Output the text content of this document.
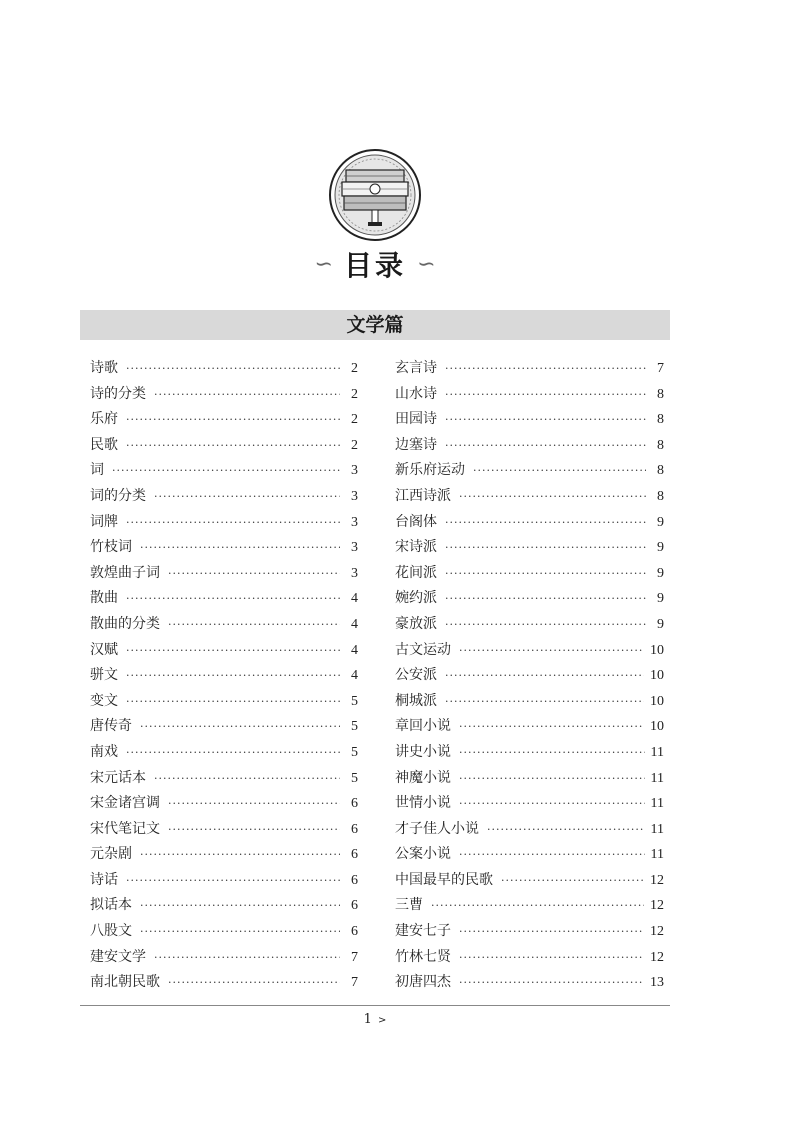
∽ 目录 ∽
文学篇
诗歌 ·····	2
诗的分类 ·····	2
乐府 ·····	2
民歌 ·····	2
词 ·····	3
词的分类 ·····	3
词牌 ·····	3
竹枝词 ·····	3
敦煌曲子词 ·····	3
散曲 ·····	4
散曲的分类 ·····	4
汉赋 ·····	4
骈文 ·····	4
变文 ·····	5
唐传奇 ·····	5
南戏 ·····	5
宋元话本 ·····	5
宋金诸宫调 ·····	6
宋代笔记文 ·····	6
元杂剧 ·····	6
诗话 ·····	6
拟话本 ·····	6
八股文 ·····	6
建安文学 ·····	7
南北朝民歌 ·····	7
玄言诗 ·····	7
山水诗 ·····	8
田园诗 ·····	8
边塞诗 ·····	8
新乐府运动 ·····	8
江西诗派 ·····	8
台阁体 ·····	9
宋诗派 ·····	9
花间派 ·····	9
婉约派 ·····	9
豪放派 ·····	9
古文运动 ·····	10
公安派 ·····	10
桐城派 ·····	10
章回小说 ·····	10
讲史小说 ·····	11
神魔小说 ·····	11
世情小说 ·····	11
才子佳人小说 ·····	11
公案小说 ·····	11
中国最早的民歌 ·····	12
三曹 ·····	12
建安七子 ·····	12
竹林七贤 ·····	12
初唐四杰 ·····	13
1 >
